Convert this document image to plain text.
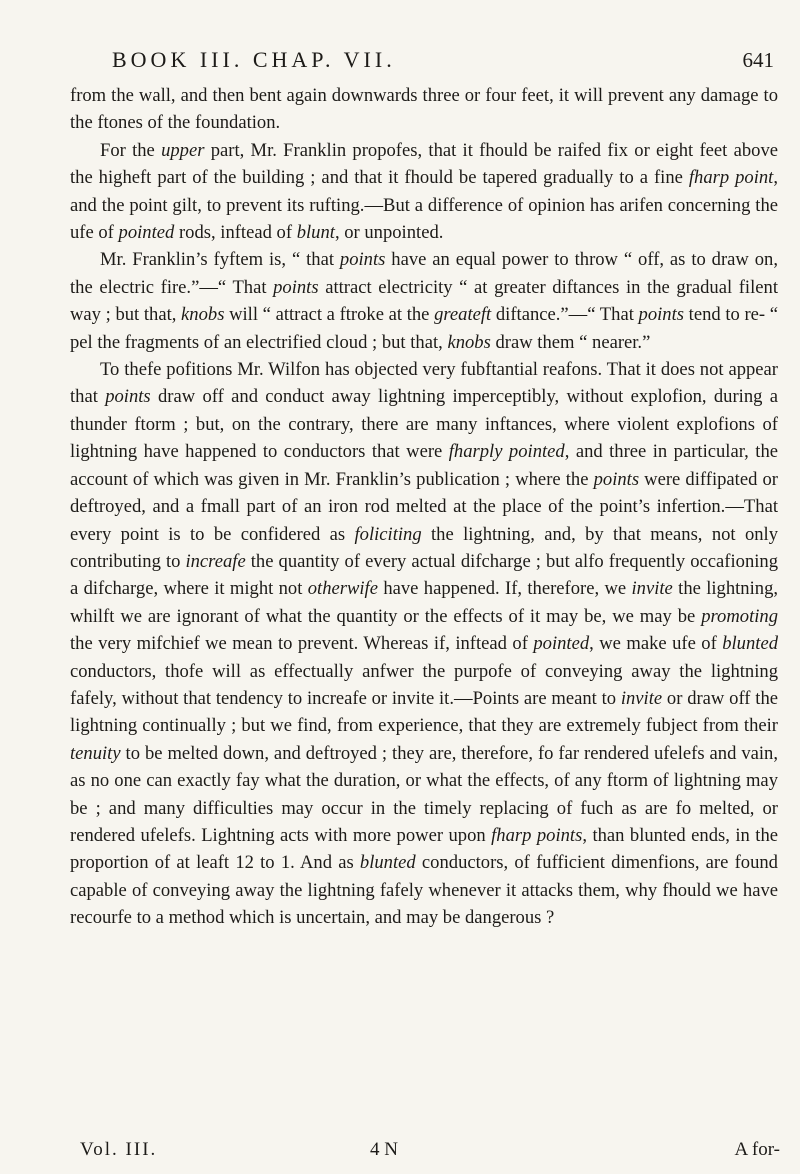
BOOK III. CHAP. VII.	641

from the wall, and then bent again downwards three or four feet, it will prevent any damage to the ftones of the foundation.

For the upper part, Mr. Franklin propofes, that it fhould be raifed fix or eight feet above the higheft part of the building ; and that it fhould be tapered gradually to a fine fharp point, and the point gilt, to prevent its rufting.—But a difference of opinion has arifen concerning the ufe of pointed rods, inftead of blunt, or unpointed.

Mr. Franklin’s fyftem is, “ that points have an equal power to throw “ off, as to draw on, the electric fire.”—“ That points attract electricity “ at greater diftances in the gradual filent way ; but that, knobs will “ attract a ftroke at the greateft diftance.”—“ That points tend to re- “ pel the fragments of an electrified cloud ; but that, knobs draw them “ nearer.”

To thefe pofitions Mr. Wilfon has objected very fubftantial reafons. That it does not appear that points draw off and conduct away lightning imperceptibly, without explofion, during a thunder ftorm ; but, on the contrary, there are many inftances, where violent explofions of lightning have happened to conductors that were fharply pointed, and three in particular, the account of which was given in Mr. Franklin’s publication ; where the points were diffipated or deftroyed, and a fmall part of an iron rod melted at the place of the point’s infertion.—That every point is to be confidered as foliciting the lightning, and, by that means, not only contributing to increafe the quantity of every actual difcharge ; but alfo frequently occafioning a difcharge, where it might not otherwife have happened. If, therefore, we invite the lightning, whilft we are ignorant of what the quantity or the effects of it may be, we may be promoting the very mifchief we mean to prevent. Whereas if, inftead of pointed, we make ufe of blunted conductors, thofe will as effectually anfwer the purpofe of conveying away the lightning fafely, without that tendency to increafe or invite it.—Points are meant to invite or draw off the lightning continually ; but we find, from experience, that they are extremely fubject from their tenuity to be melted down, and deftroyed ; they are, therefore, fo far rendered ufelefs and vain, as no one can exactly fay what the duration, or what the effects, of any ftorm of lightning may be ; and many difficulties may occur in the timely replacing of fuch as are fo melted, or rendered ufelefs. Lightning acts with more power upon fharp points, than blunted ends, in the proportion of at leaft 12 to 1. And as blunted conductors, of fufficient dimenfions, are found capable of conveying away the lightning fafely whenever it attacks them, why fhould we have recourfe to a method which is uncertain, and may be dangerous ?

Vol. III.	4 N	A for-
